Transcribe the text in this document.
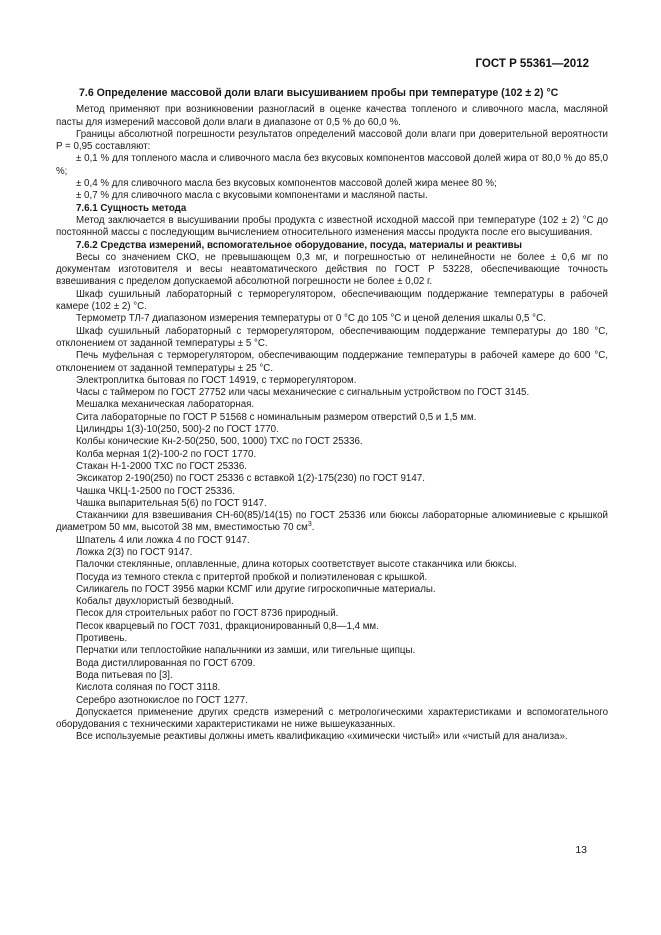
ГОСТ Р 55361—2012
7.6 Определение массовой доли влаги высушиванием пробы при температуре (102 ± 2) °С

Метод применяют при возникновении разногласий в оценке качества топленого и сливочного масла, масляной пасты для измерений массовой доли влаги в диапазоне от 0,5 % до 60,0 %.

Границы абсолютной погрешности результатов определений массовой доли влаги при доверительной вероятности P = 0,95 составляют:

± 0,1 % для топленого масла и сливочного масла без вкусовых компонентов массовой долей жира от 80,0 % до 85,0 %;

± 0,4 % для сливочного масла без вкусовых компонентов массовой долей жира менее 80 %;

± 0,7 % для сливочного масла с вкусовыми компонентами и масляной пасты.

7.6.1 Сущность метода

Метод заключается в высушивании пробы продукта с известной исходной массой при температуре (102 ± 2) °С до постоянной массы с последующим вычислением относительного изменения массы продукта после его высушивания.

7.6.2 Средства измерений, вспомогательное оборудование, посуда, материалы и реактивы

Весы со значением СКО, не превышающем 0,3 мг, и погрешностью от нелинейности не более ± 0,6 мг по документам изготовителя и весы неавтоматического действия по ГОСТ Р 53228, обеспечивающие точность взвешивания с пределом допускаемой абсолютной погрешности не более ± 0,02 г.

Шкаф сушильный лабораторный с терморегулятором, обеспечивающим поддержание температуры в рабочей камере (102 ± 2) °С.

Термометр ТЛ-7 диапазоном измерения температуры от 0 °С до 105 °С и ценой деления шкалы 0,5 °С.

Шкаф сушильный лабораторный с терморегулятором, обеспечивающим поддержание температуры до 180 °С, отклонением от заданной температуры ± 5 °С.

Печь муфельная с терморегулятором, обеспечивающим поддержание температуры в рабочей камере до 600 °С, отклонением от заданной температуры ± 25 °С.

Электроплитка бытовая по ГОСТ 14919, с терморегулятором.

Часы с таймером по ГОСТ 27752 или часы механические с сигнальным устройством по ГОСТ 3145.

Мешалка механическая лабораторная.

Сита лабораторные по ГОСТ Р 51568 с номинальным размером отверстий 0,5 и 1,5 мм.

Цилиндры 1(3)-10(250, 500)-2 по ГОСТ 1770.

Колбы конические Кн-2-50(250, 500, 1000) ТХС по ГОСТ 25336.

Колба мерная 1(2)-100-2 по ГОСТ 1770.

Стакан Н-1-2000 ТХС по ГОСТ 25336.

Эксикатор 2-190(250) по ГОСТ 25336 с вставкой 1(2)-175(230) по ГОСТ 9147.

Чашка ЧКЦ-1-2500 по ГОСТ 25336.

Чашка выпарительная 5(6) по ГОСТ 9147.

Стаканчики для взвешивания СН-60(85)/14(15) по ГОСТ 25336 или бюксы лабораторные алюминиевые с крышкой диаметром 50 мм, высотой 38 мм, вместимостью 70 $см^3$.

Шпатель 4 или ложка 4 по ГОСТ 9147.

Ложка 2(3) по ГОСТ 9147.

Палочки стеклянные, оплавленные, длина которых соответствует высоте стаканчика или бюксы.

Посуда из темного стекла с притертой пробкой и полиэтиленовая с крышкой.

Силикагель по ГОСТ 3956 марки КСМГ или другие гигроскопичные материалы.

Кобальт двухлористый безводный.

Песок для строительных работ по ГОСТ 8736 природный.

Песок кварцевый по ГОСТ 7031, фракционированный 0,8—1,4 мм.

Противень.

Перчатки или теплостойкие напальчники из замши, или тигельные щипцы.

Вода дистиллированная по ГОСТ 6709.

Вода питьевая по [3].

Кислота соляная по ГОСТ 3118.

Серебро азотнокислое по ГОСТ 1277.

Допускается применение других средств измерений с метрологическими характеристиками и вспомогательного оборудования с техническими характеристиками не ниже вышеуказанных.

Все используемые реактивы должны иметь квалификацию «химически чистый» или «чистый для анализа».

13
